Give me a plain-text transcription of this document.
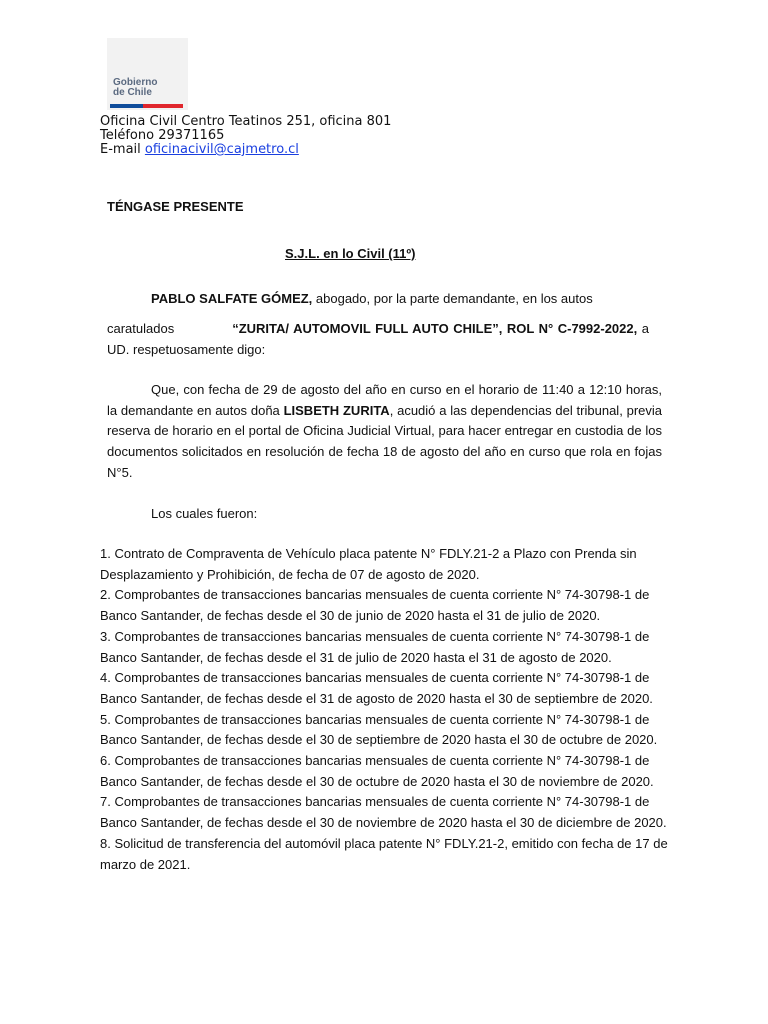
Gobierno
de Chile
Oficina Civil Centro Teatinos 251, oficina 801
Teléfono 29371165
E-mail oficinacivil@cajmetro.cl
TÉNGASE PRESENTE
S.J.L. en lo Civil (11º)
PABLO SALFATE GÓMEZ, abogado, por la parte demandante, en los autos
caratulados	“ZURITA/ AUTOMOVIL FULL AUTO CHILE”, ROL N° C-7992-2022, a UD. respetuosamente digo:
Que, con fecha de 29 de agosto del año en curso en el horario de 11:40 a 12:10 horas, la demandante en autos doña LISBETH ZURITA, acudió a las dependencias del tribunal, previa reserva de horario en el portal de Oficina Judicial Virtual, para hacer entregar en custodia de los documentos solicitados en resolución de fecha 18 de agosto del año en curso que rola en fojas N°5.
Los cuales fueron:
1. Contrato de Compraventa de Vehículo placa patente N° FDLY.21-2 a Plazo con Prenda sin Desplazamiento y Prohibición, de fecha de 07 de agosto de 2020.
2. Comprobantes de transacciones bancarias mensuales de cuenta corriente N° 74-30798-1 de Banco Santander, de fechas desde el 30 de junio de 2020 hasta el 31 de julio de 2020.
3. Comprobantes de transacciones bancarias mensuales de cuenta corriente N° 74-30798-1 de Banco Santander, de fechas desde el 31 de julio de 2020 hasta el 31 de agosto de 2020.
4. Comprobantes de transacciones bancarias mensuales de cuenta corriente N° 74-30798-1 de Banco Santander, de fechas desde el 31 de agosto de 2020 hasta el 30 de septiembre de 2020.
5. Comprobantes de transacciones bancarias mensuales de cuenta corriente N° 74-30798-1 de Banco Santander, de fechas desde el 30 de septiembre de 2020 hasta el 30 de octubre de 2020.
6. Comprobantes de transacciones bancarias mensuales de cuenta corriente N° 74-30798-1 de Banco Santander, de fechas desde el 30 de octubre de 2020 hasta el 30 de noviembre de 2020.
7. Comprobantes de transacciones bancarias mensuales de cuenta corriente N° 74-30798-1 de Banco Santander, de fechas desde el 30 de noviembre de 2020 hasta el 30 de diciembre de 2020.
8. Solicitud de transferencia del automóvil placa patente N° FDLY.21-2, emitido con fecha de 17 de marzo de 2021.
